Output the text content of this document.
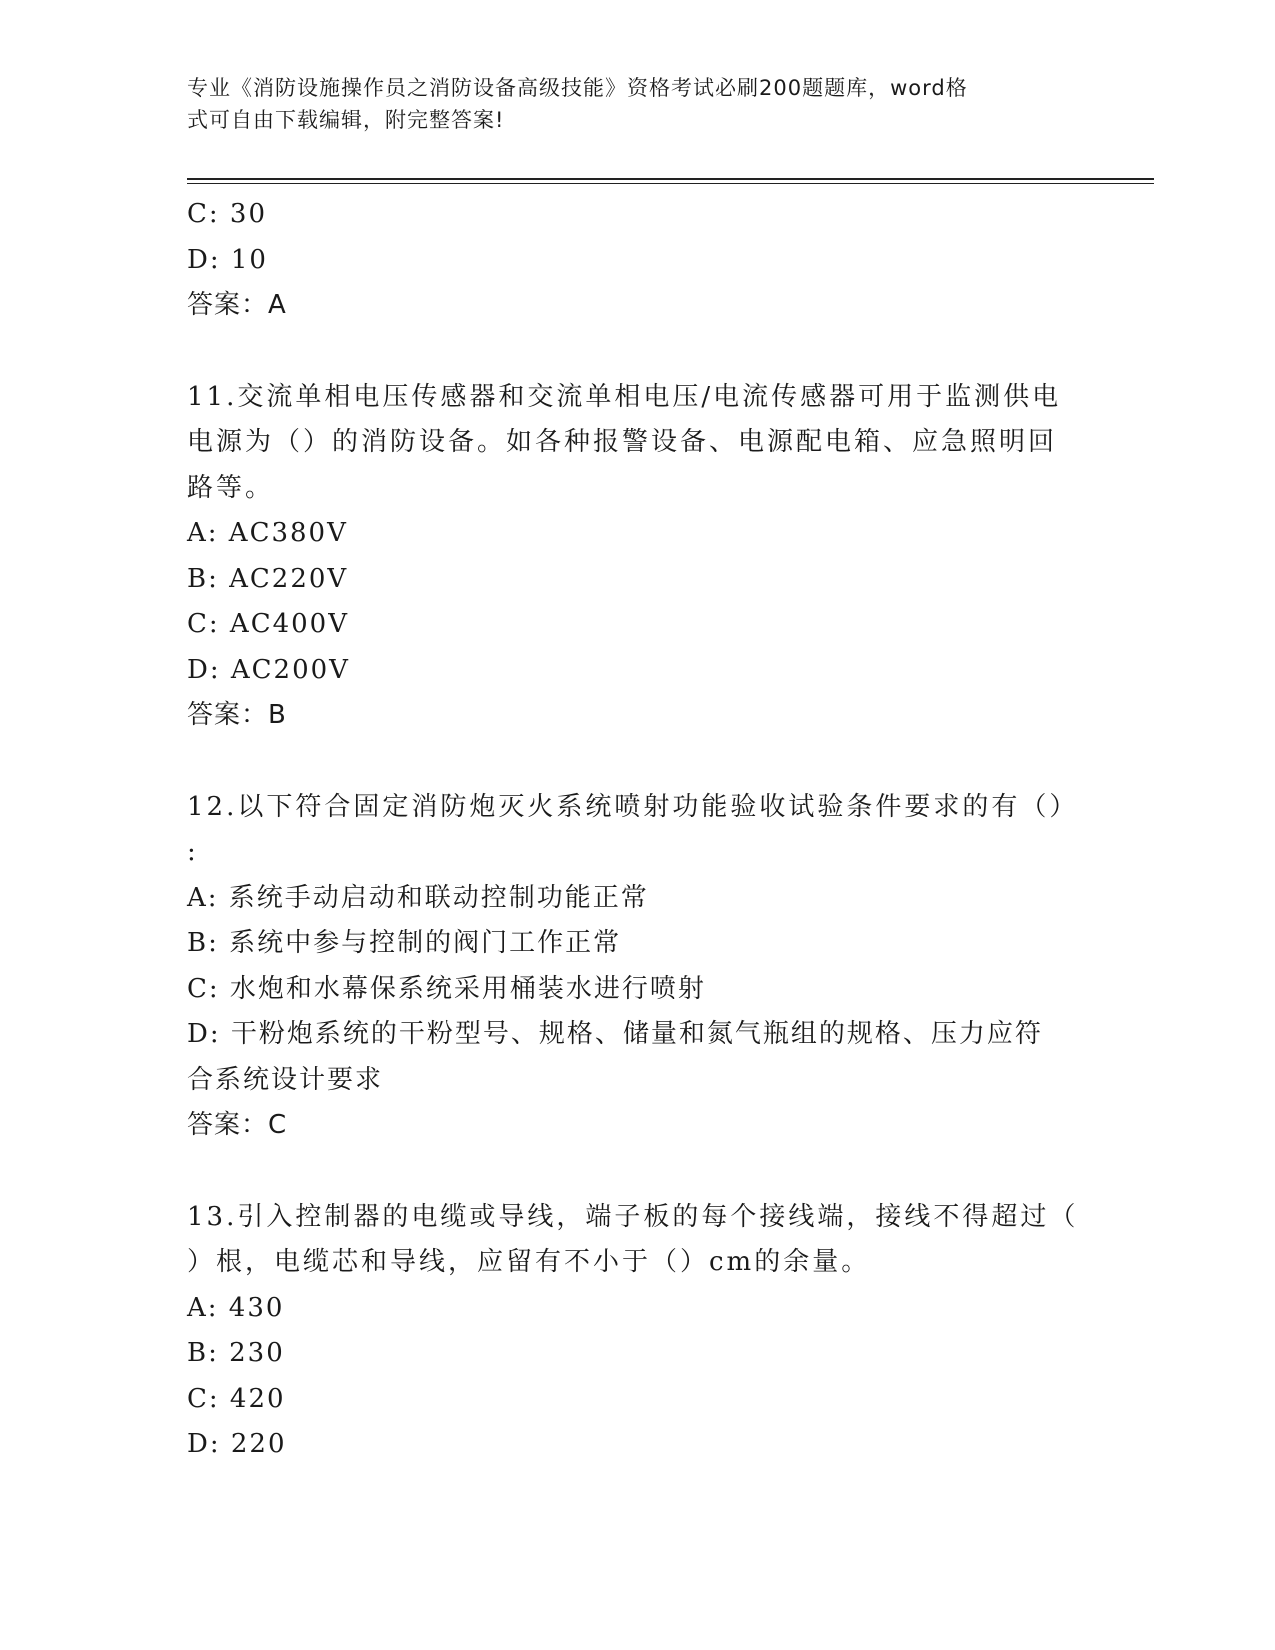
专业《消防设施操作员之消防设备高级技能》资格考试必刷200题题库，word格
式可自由下载编辑，附完整答案!
C: 30
D: 10
答案：A
11.交流单相电压传感器和交流单相电压/电流传感器可用于监测供电
电源为（）的消防设备。如各种报警设备、电源配电箱、应急照明回
路等。
A: AC380V
B: AC220V
C: AC400V
D: AC200V
答案：B
12.以下符合固定消防炮灭火系统喷射功能验收试验条件要求的有（）
:
A: 系统手动启动和联动控制功能正常
B: 系统中参与控制的阀门工作正常
C: 水炮和水幕保系统采用桶装水进行喷射
D: 干粉炮系统的干粉型号、规格、储量和氮气瓶组的规格、压力应符
合系统设计要求
答案：C
13.引入控制器的电缆或导线，端子板的每个接线端，接线不得超过（
）根，电缆芯和导线，应留有不小于（）cm的余量。
A: 430
B: 230
C: 420
D: 220
